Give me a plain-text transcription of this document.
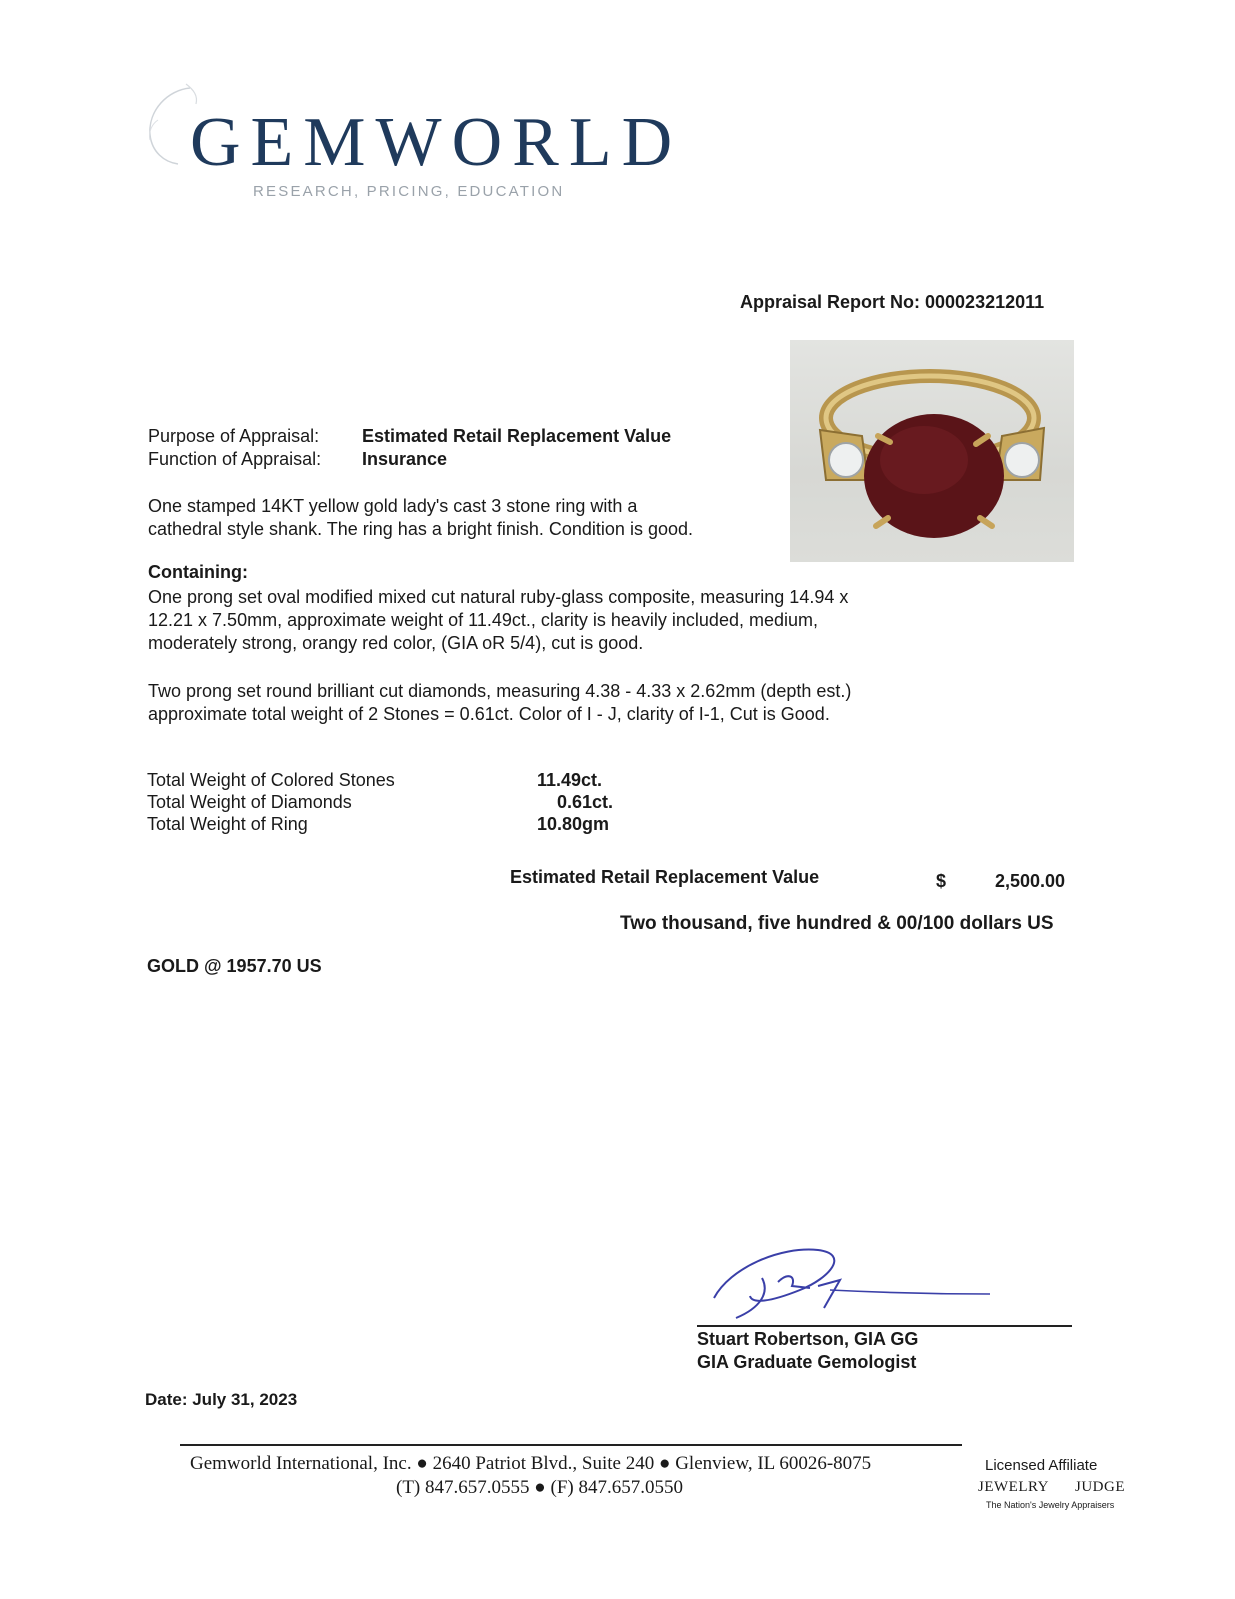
GEMWORLD
RESEARCH, PRICING, EDUCATION
Appraisal Report No: 000023212011
Purpose of Appraisal: Estimated Retail Replacement Value
Function of Appraisal: Insurance
One stamped 14KT yellow gold lady's cast 3 stone ring with a
cathedral style shank. The ring has a bright finish. Condition is good.
Containing:
One prong set oval modified mixed cut natural ruby-glass composite, measuring 14.94 x
12.21 x 7.50mm, approximate weight of 11.49ct., clarity is heavily included, medium,
moderately strong, orangy red color, (GIA oR 5/4), cut is good.
Two prong set round brilliant cut diamonds, measuring 4.38 - 4.33 x 2.62mm (depth est.)
approximate total weight of 2 Stones = 0.61ct. Color of I - J, clarity of I-1, Cut is Good.
Total Weight of Colored Stones	11.49ct.
Total Weight of Diamonds	0.61ct.
Total Weight of Ring	10.80gm
Estimated Retail Replacement Value	$	2,500.00
Two thousand, five hundred & 00/100 dollars US
GOLD @ 1957.70 US
Stuart Robertson, GIA GG
GIA Graduate Gemologist
Date: July 31, 2023
Gemworld International, Inc. ● 2640 Patriot Blvd., Suite 240 ● Glenview, IL 60026-8075
(T) 847.657.0555 ● (F) 847.657.0550
Licensed Affiliate
JEWELRY JUDGE
The Nation's Jewelry Appraisers
